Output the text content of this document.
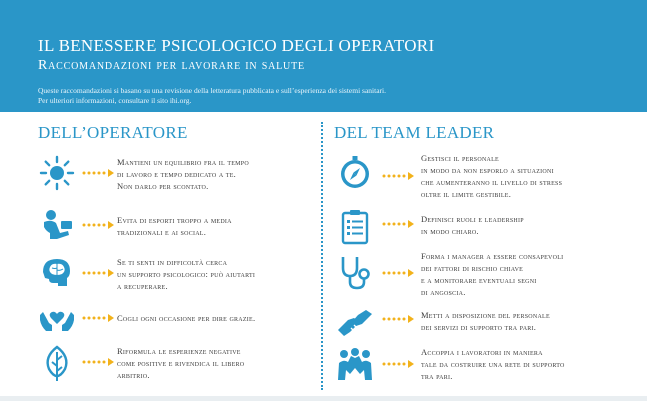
IL BENESSERE PSICOLOGICO DEGLI OPERATORI
Raccomandazioni per lavorare in salute
Queste raccomandazioni si basano su una revisione della letteratura pubblicata e sull’esperienza dei sistemi sanitari.
Per ulteriori informazioni, consultare il sito ihi.org.
DELL’OPERATORE	DEL TEAM LEADER
Mantieni un equilibrio fra il tempo
di lavoro e tempo dedicato a te.
Non darlo per scontato.
Evita di esporti troppo a media
tradizionali e ai social.
Se ti senti in difficoltà cerca
un supporto psicologico: può aiutarti
a recuperare.
Cogli ogni occasione per dire grazie.
Riformula le esperienze negative
come positive e rivendica il libero
arbitrio.
Gestisci il personale
in modo da non esporlo a situazioni
che aumenteranno il livello di stress
oltre il limite gestibile.
Definisci ruoli e leadership
in modo chiaro.
Forma i manager a essere consapevoli
dei fattori di rischio chiave
e a monitorare eventuali segni
di angoscia.
Metti a disposizione del personale
dei servizi di supporto tra pari.
Accoppia i lavoratori in maniera
tale da costruire una rete di supporto
tra pari.
